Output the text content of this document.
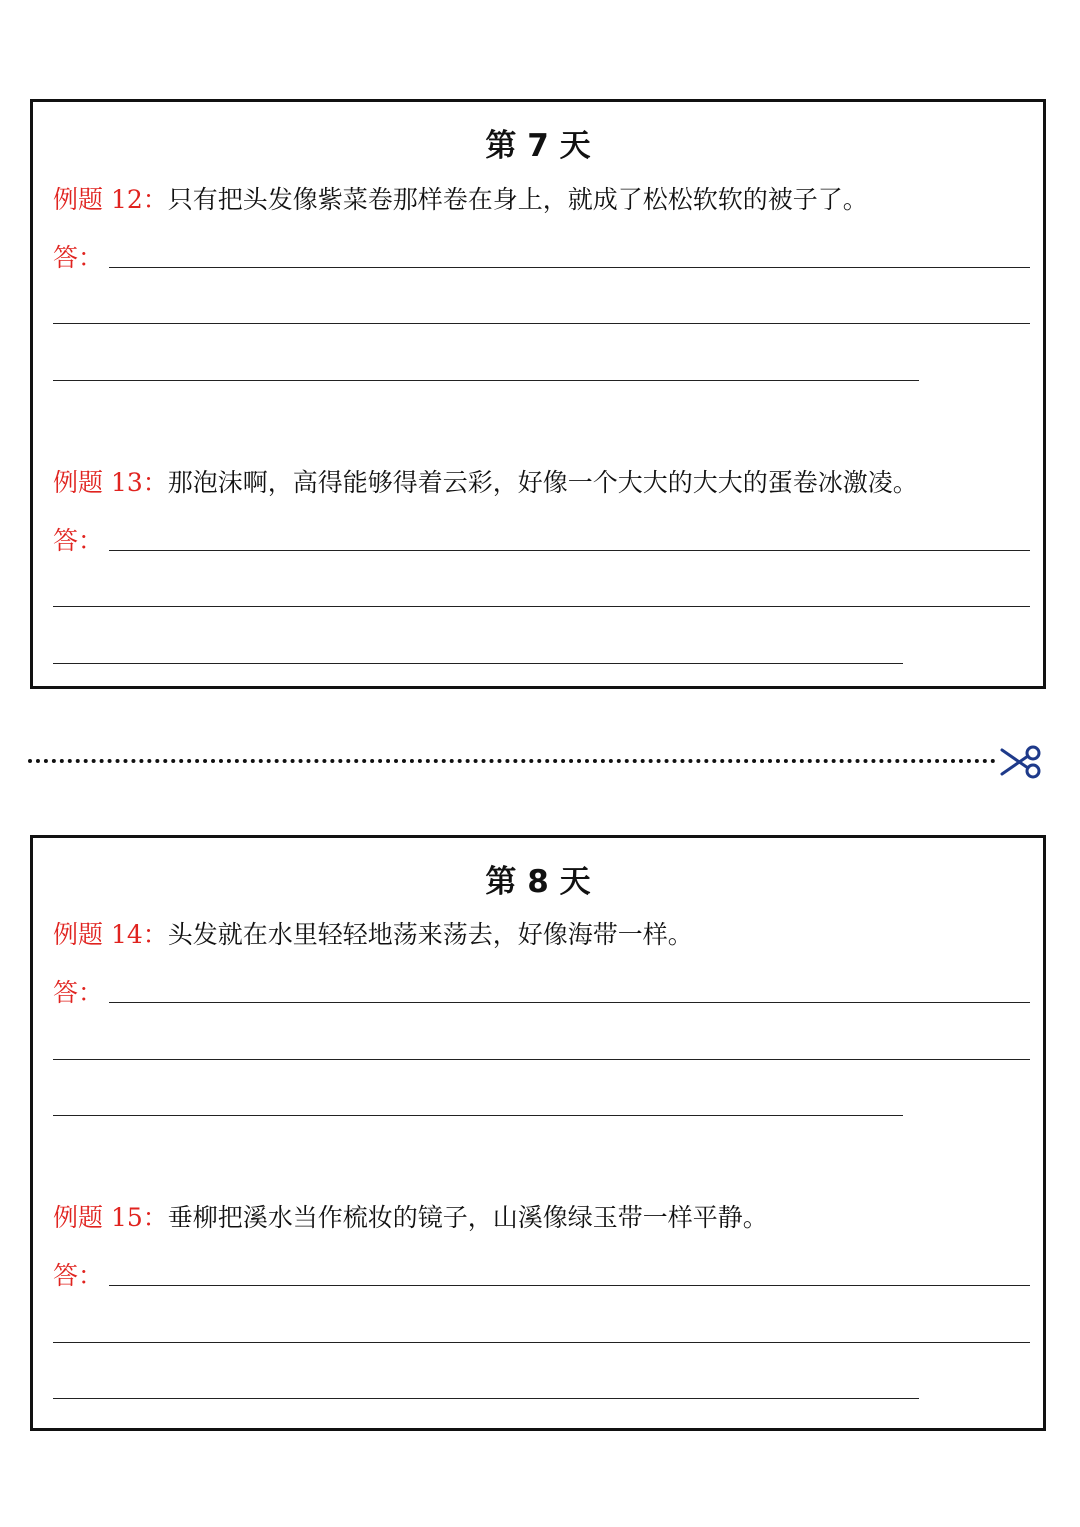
第 7 天
例题 12：只有把头发像紫菜卷那样卷在身上，就成了松松软软的被子了。
答：
例题 13：那泡沫啊，高得能够得着云彩，好像一个大大的大大的蛋卷冰激凌。
答：
第 8 天
例题 14：头发就在水里轻轻地荡来荡去，好像海带一样。
答：
例题 15：垂柳把溪水当作梳妆的镜子，山溪像绿玉带一样平静。
答：
